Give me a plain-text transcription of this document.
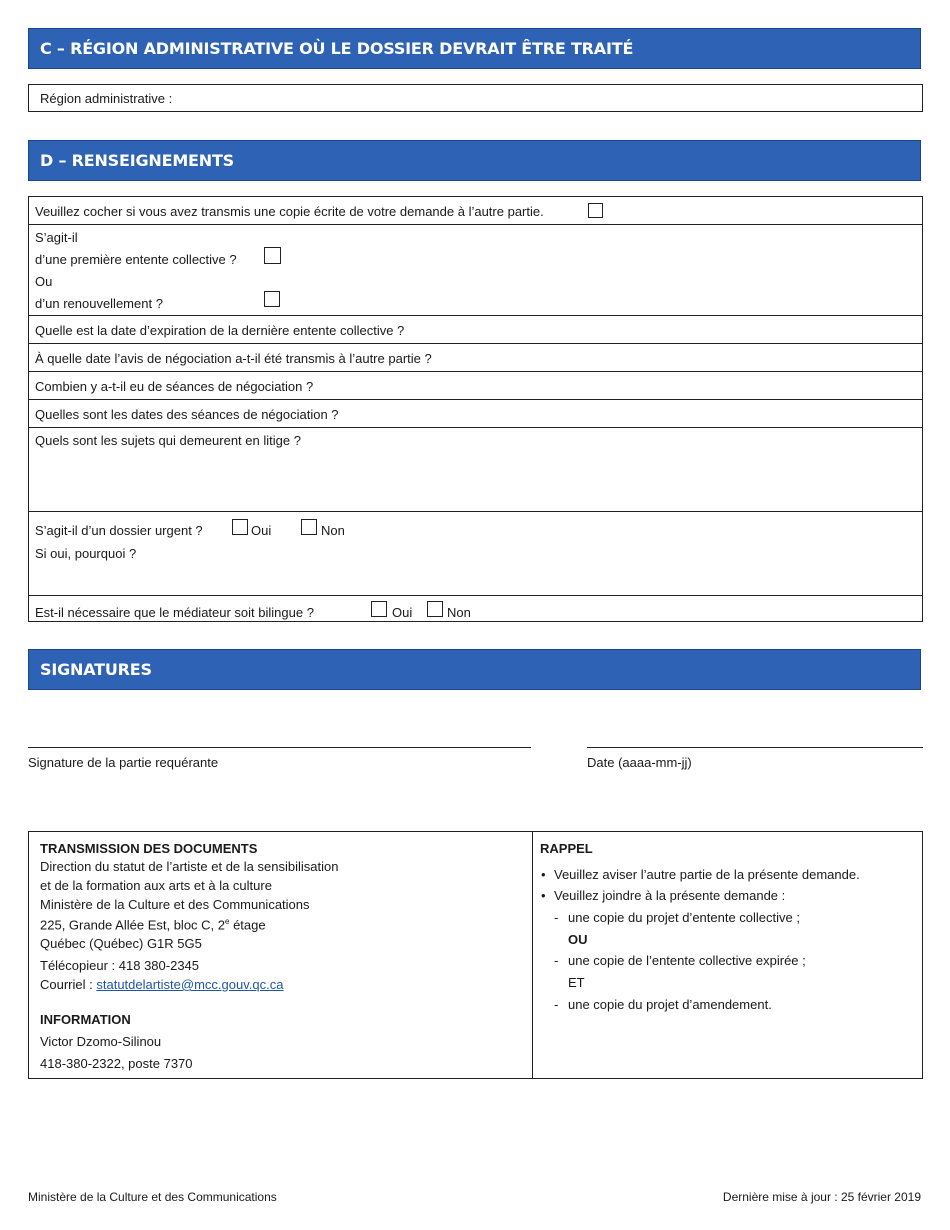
C – RÉGION ADMINISTRATIVE OÙ LE DOSSIER DEVRAIT ÊTRE TRAITÉ
Région administrative :
D – RENSEIGNEMENTS
Veuillez cocher si vous avez transmis une copie écrite de votre demande à l’autre partie.
S’agit-il
d’une première entente collective ?
Ou
d’un renouvellement ?
Quelle est la date d’expiration de la dernière entente collective ?
À quelle date l’avis de négociation a-t-il été transmis à l’autre partie ?
Combien y a-t-il eu de séances de négociation ?
Quelles sont les dates des séances de négociation ?
Quels sont les sujets qui demeurent en litige ?
S’agit-il d’un dossier urgent ?	Oui	Non
Si oui, pourquoi ?
Est-il nécessaire que le médiateur soit bilingue ?	Oui	Non
SIGNATURES
Signature de la partie requérante	Date (aaaa-mm-jj)
TRANSMISSION DES DOCUMENTS
Direction du statut de l’artiste et de la sensibilisation
et de la formation aux arts et à la culture
Ministère de la Culture et des Communications
225, Grande Allée Est, bloc C, 2e étage
Québec (Québec) G1R 5G5
Télécopieur : 418 380-2345
Courriel : statutdelartiste@mcc.gouv.qc.ca
INFORMATION
Victor Dzomo-Silinou
418-380-2322, poste 7370
RAPPEL
• Veuillez aviser l’autre partie de la présente demande.
• Veuillez joindre à la présente demande :
- une copie du projet d’entente collective ;
OU
- une copie de l’entente collective expirée ;
ET
- une copie du projet d’amendement.
Ministère de la Culture et des Communications	Dernière mise à jour : 25 février 2019
